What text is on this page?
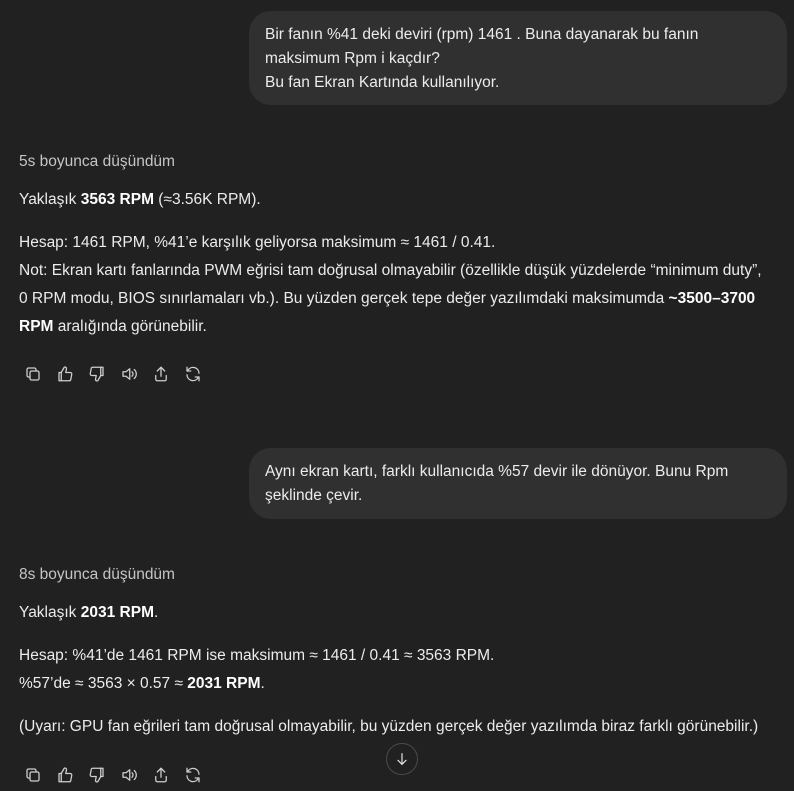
Bir fanın %41 deki deviri (rpm) 1461 . Buna dayanarak bu fanın
maksimum Rpm i kaçdır?
Bu fan Ekran Kartında kullanılıyor.

5s boyunca düşündüm

Yaklaşık 3563 RPM (≈3.56K RPM).

Hesap: 1461 RPM, %41’e karşılık geliyorsa maksimum ≈ 1461 / 0.41.
Not: Ekran kartı fanlarında PWM eğrisi tam doğrusal olmayabilir (özellikle düşük yüzdelerde “minimum duty”,
0 RPM modu, BIOS sınırlamaları vb.). Bu yüzden gerçek tepe değer yazılımdaki maksimumda ~3500–3700
RPM aralığında görünebilir.
Aynı ekran kartı, farklı kullanıcıda %57 devir ile dönüyor. Bunu Rpm
şeklinde çevir.

8s boyunca düşündüm

Yaklaşık 2031 RPM.

Hesap: %41’de 1461 RPM ise maksimum ≈ 1461 / 0.41 ≈ 3563 RPM.
%57’de ≈ 3563 × 0.57 ≈ 2031 RPM.
(Uyarı: GPU fan eğrileri tam doğrusal olmayabilir, bu yüzden gerçek değer yazılımda biraz farklı görünebilir.)
